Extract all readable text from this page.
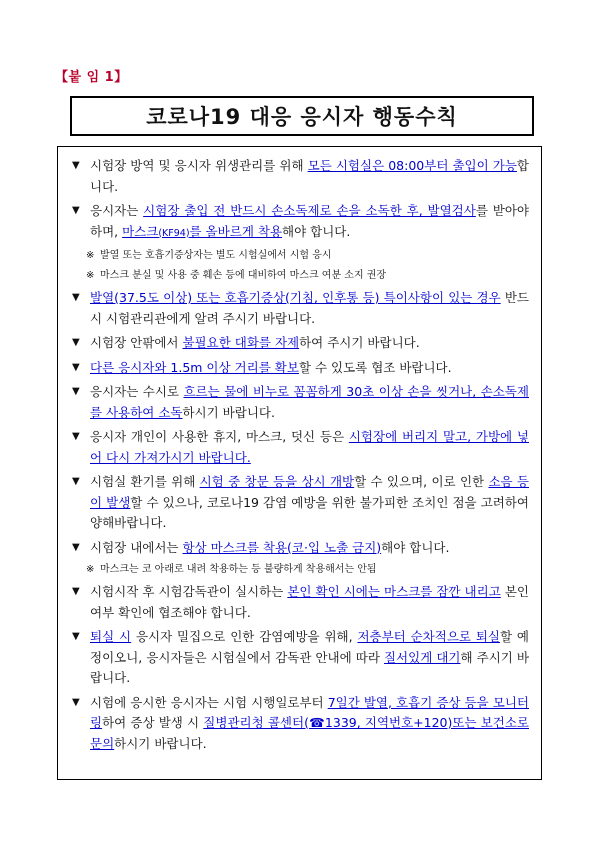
【붙 임 1】
코로나19 대응 응시자 행동수칙
▼ 시험장 방역 및 응시자 위생관리를 위해 모든 시험실은 08:00부터 출입이 가능합니다.
▼ 응시자는 시험장 출입 전 반드시 손소독제로 손을 소독한 후, 발열검사를 받아야 하며, 마스크(KF94)를 올바르게 착용해야 합니다.
※ 발열 또는 호흡기증상자는 별도 시험실에서 시험 응시
※ 마스크 분실 및 사용 중 훼손 등에 대비하여 마스크 여분 소지 권장
▼ 발열(37.5도 이상) 또는 호흡기증상(기침, 인후통 등) 특이사항이 있는 경우 반드시 시험관리관에게 알려 주시기 바랍니다.
▼ 시험장 안팎에서 불필요한 대화를 자제하여 주시기 바랍니다.
▼ 다른 응시자와 1.5m 이상 거리를 확보할 수 있도록 협조 바랍니다.
▼ 응시자는 수시로 흐르는 물에 비누로 꼼꼼하게 30초 이상 손을 씻거나, 손소독제를 사용하여 소독하시기 바랍니다.
▼ 응시자 개인이 사용한 휴지, 마스크, 덧신 등은 시험장에 버리지 말고, 가방에 넣어 다시 가져가시기 바랍니다.
▼ 시험실 환기를 위해 시험 중 창문 등을 상시 개방할 수 있으며, 이로 인한 소음 등이 발생할 수 있으나, 코로나19 감염 예방을 위한 불가피한 조치인 점을 고려하여 양해바랍니다.
▼ 시험장 내에서는 항상 마스크를 착용(코·입 노출 금지)해야 합니다.
※ 마스크는 코 아래로 내려 착용하는 등 불량하게 착용해서는 안됨
▼ 시험시작 후 시험감독관이 실시하는 본인 확인 시에는 마스크를 잠깐 내리고 본인여부 확인에 협조해야 합니다.
▼ 퇴실 시 응시자 밀집으로 인한 감염예방을 위해, 저층부터 순차적으로 퇴실할 예정이오니, 응시자들은 시험실에서 감독관 안내에 따라 질서있게 대기해 주시기 바랍니다.
▼ 시험에 응시한 응시자는 시험 시행일로부터 7일간 발열, 호흡기 증상 등을 모니터링하여 증상 발생 시 질병관리청 콜센터(☎1339, 지역번호+120)또는 보건소로 문의하시기 바랍니다.
